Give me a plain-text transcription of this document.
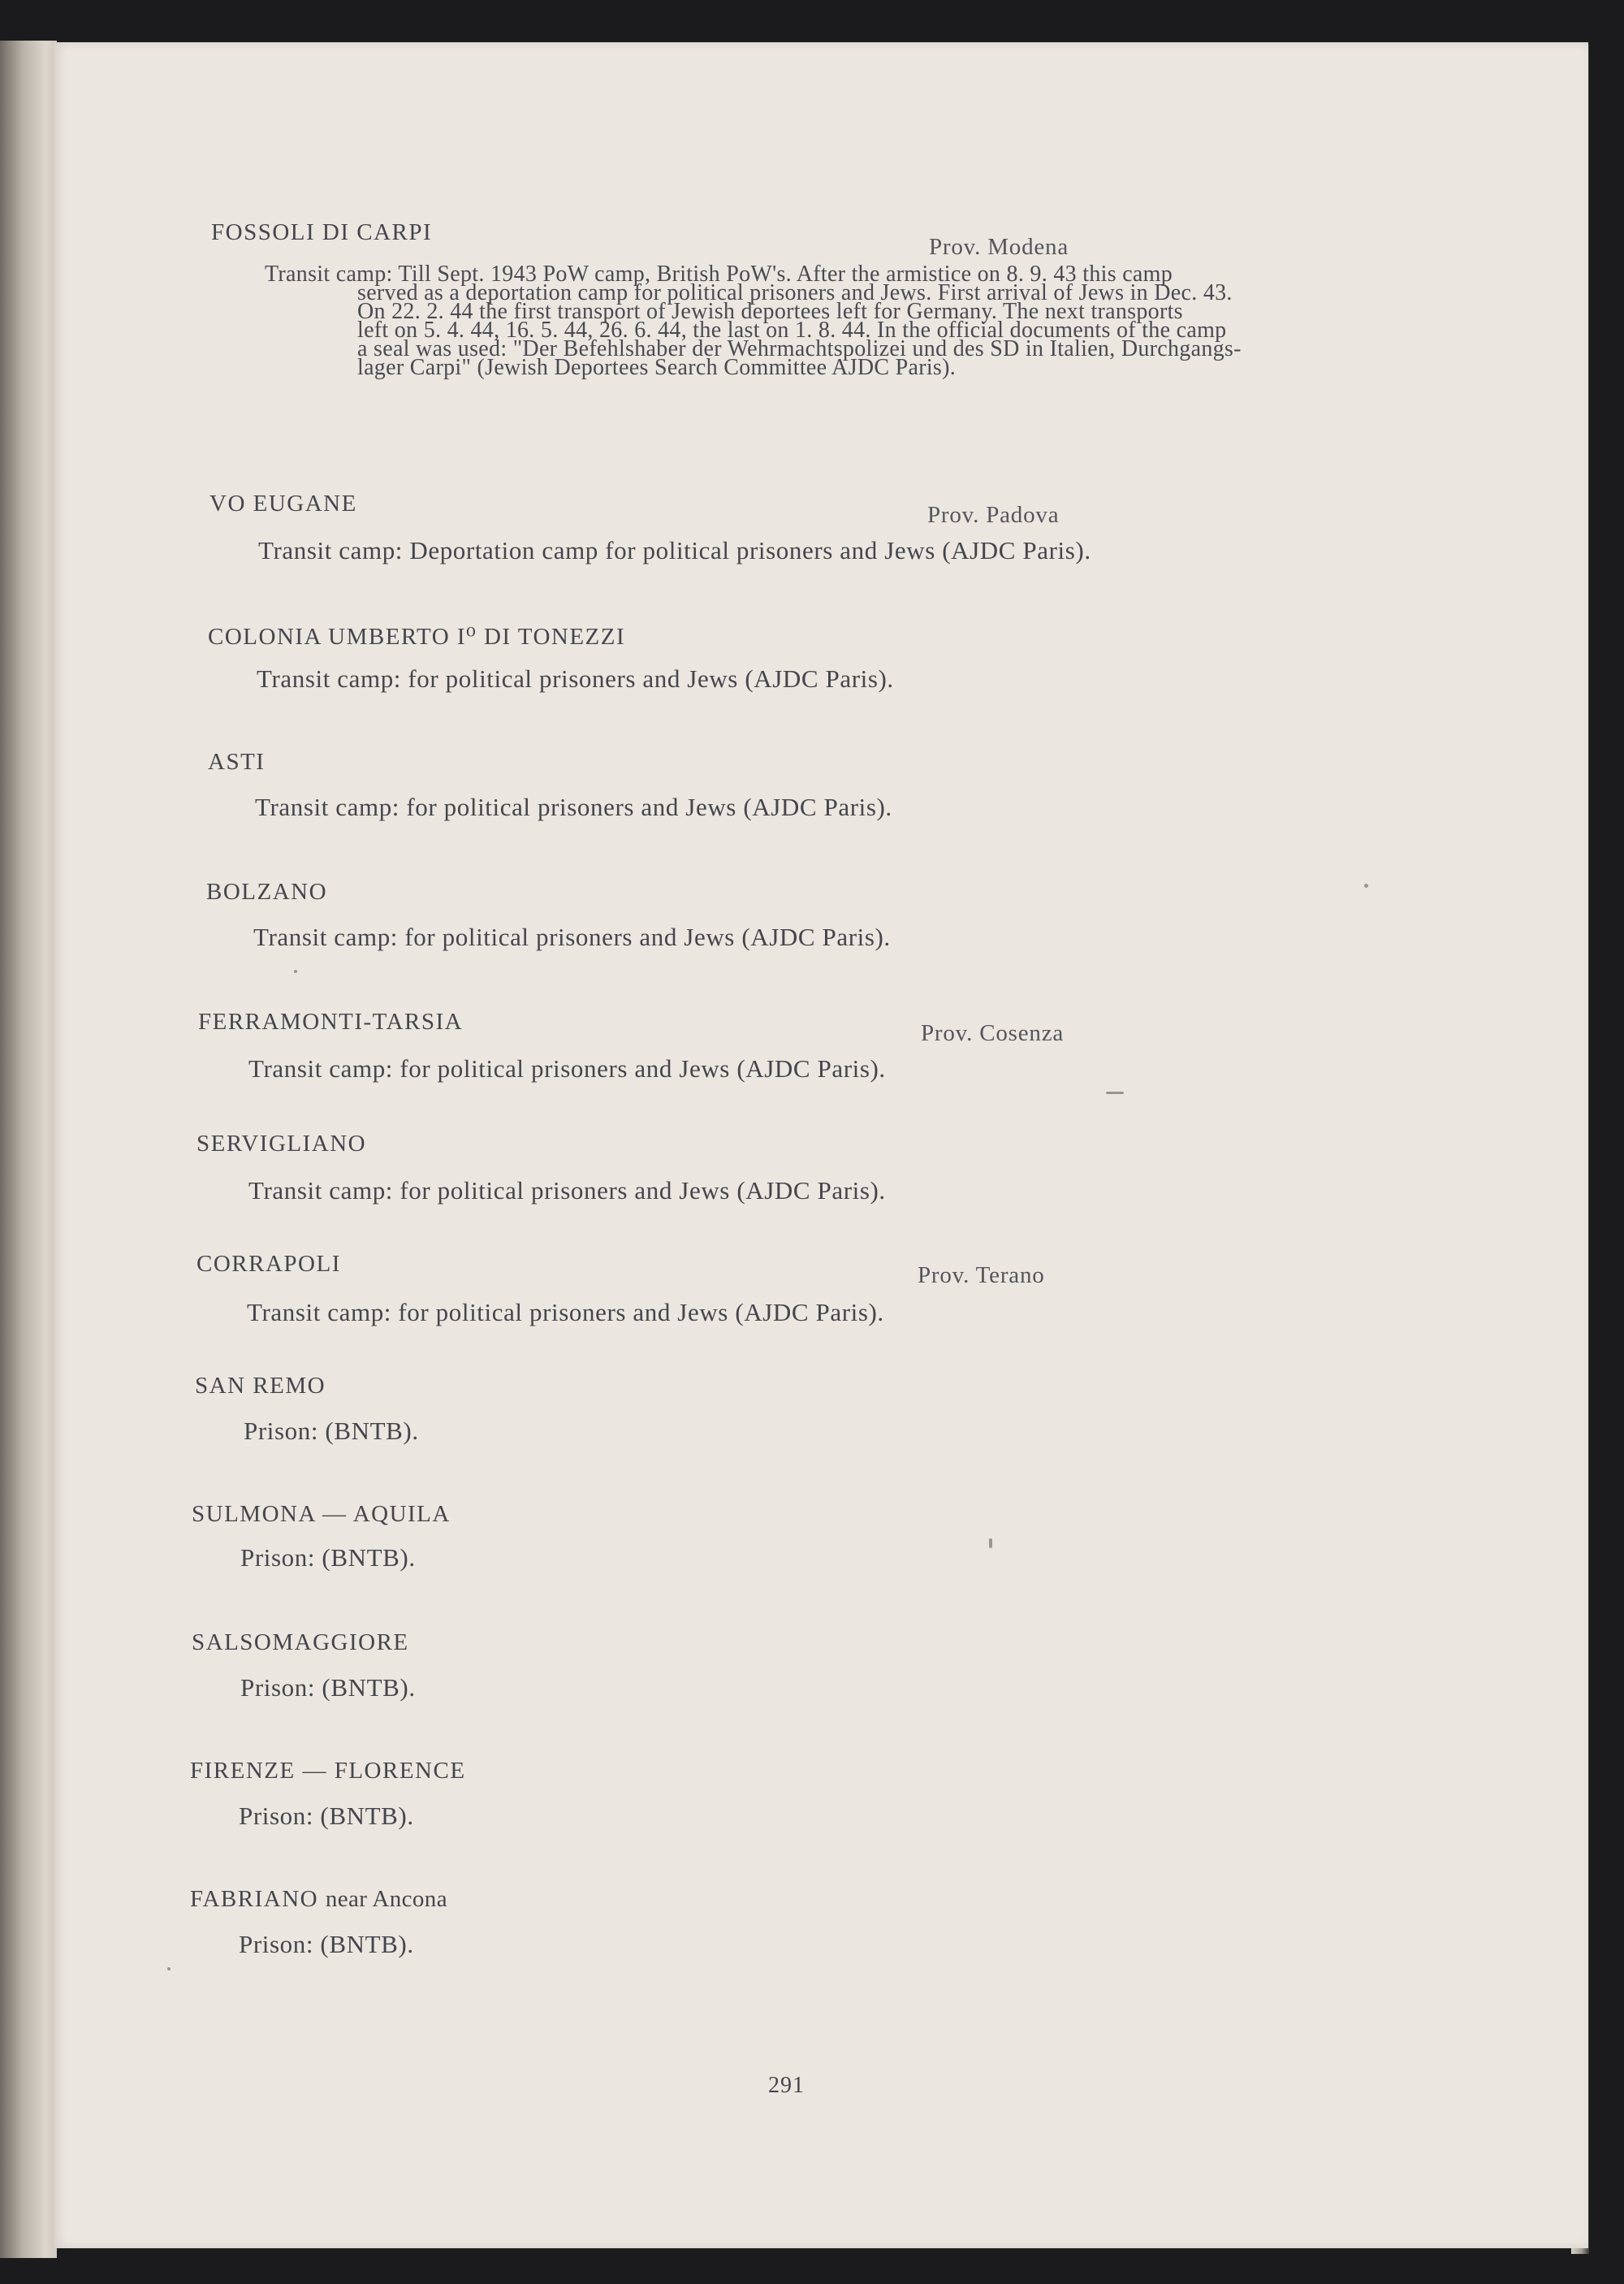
FOSSOLI DI CARPI
Prov. Modena
Transit camp: Till Sept. 1943 PoW camp, British PoW's. After the armistice on 8. 9. 43 this camp
served as a deportation camp for political prisoners and Jews. First arrival of Jews in Dec. 43.
On 22. 2. 44 the first transport of Jewish deportees left for Germany. The next transports
left on 5. 4. 44, 16. 5. 44, 26. 6. 44, the last on 1. 8. 44. In the official documents of the camp
a seal was used: "Der Befehlshaber der Wehrmachtspolizei und des SD in Italien, Durchgangs-
lager Carpi" (Jewish Deportees Search Committee AJDC Paris).
VO EUGANE	Prov. Padova
Transit camp: Deportation camp for political prisoners and Jews (AJDC Paris).
COLONIA UMBERTO I⁰ DI TONEZZI
Transit camp: for political prisoners and Jews (AJDC Paris).
ASTI
Transit camp: for political prisoners and Jews (AJDC Paris).
BOLZANO
Transit camp: for political prisoners and Jews (AJDC Paris).
FERRAMONTI-TARSIA	Prov. Cosenza
Transit camp: for political prisoners and Jews (AJDC Paris).
SERVIGLIANO
Transit camp: for political prisoners and Jews (AJDC Paris).
CORRAPOLI	Prov. Terano
Transit camp: for political prisoners and Jews (AJDC Paris).
SAN REMO
Prison: (BNTB).
SULMONA — AQUILA
Prison: (BNTB).
SALSOMAGGIORE
Prison: (BNTB).
FIRENZE — FLORENCE
Prison: (BNTB).
FABRIANO near Ancona
Prison: (BNTB).
291
